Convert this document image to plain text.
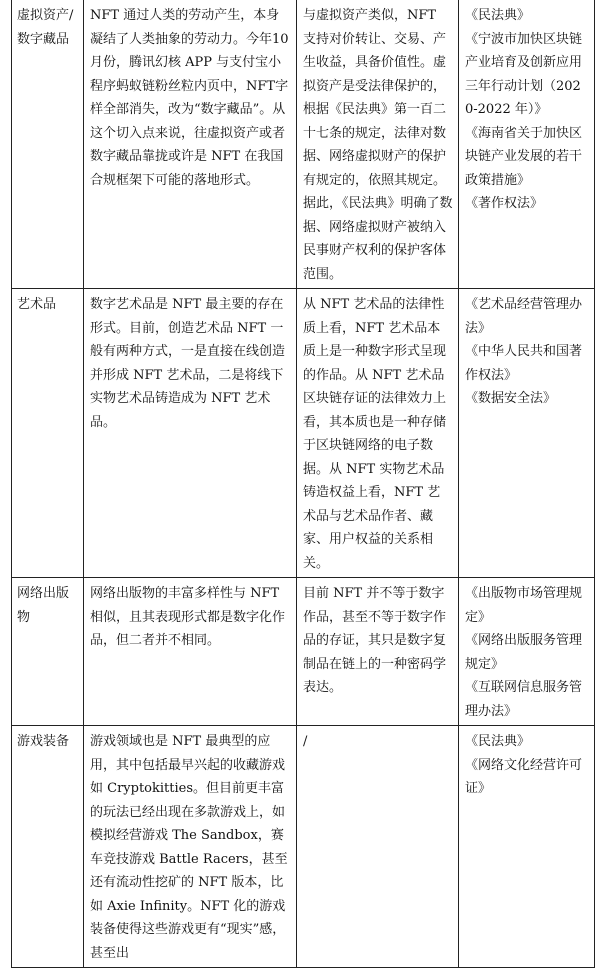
虚拟资产/数字藏品	NFT 通过人类的劳动产生，本身凝结了人类抽象的劳动力。今年10月份，腾讯幻核 APP 与支付宝小程序蚂蚁链粉丝粒内页中，NFT字样全部消失，改为“数字藏品”。从这个切入点来说，往虚拟资产或者数字藏品靠拢或许是 NFT 在我国合规框架下可能的落地形式。	与虚拟资产类似，NFT 支持对价转让、交易、产生收益，具备价值性。虚拟资产是受法律保护的，根据《民法典》第一百二十七条的规定，法律对数据、网络虚拟财产的保护有规定的，依照其规定。据此，《民法典》明确了数据、网络虚拟财产被纳入民事财产权利的保护客体范围。	《民法典》
《宁波市加快区块链产业培育及创新应用三年行动计划（2020-2022 年）》
《海南省关于加快区块链产业发展的若干政策措施》
《著作权法》

艺术品	数字艺术品是 NFT 最主要的存在形式。目前，创造艺术品 NFT 一般有两种方式，一是直接在线创造并形成 NFT 艺术品，二是将线下实物艺术品铸造成为 NFT 艺术品。	从 NFT 艺术品的法律性质上看，NFT 艺术品本质上是一种数字形式呈现的作品。从 NFT 艺术品区块链存证的法律效力上看，其本质也是一种存储于区块链网络的电子数据。从 NFT 实物艺术品铸造权益上看，NFT 艺术品与艺术品作者、藏家、用户权益的关系相关。	《艺术品经营管理办法》
《中华人民共和国著作权法》
《数据安全法》

网络出版物	网络出版物的丰富多样性与 NFT 相似，且其表现形式都是数字化作品，但二者并不相同。	目前 NFT 并不等于数字作品，甚至不等于数字作品的存证，其只是数字复制品在链上的一种密码学表达。	《出版物市场管理规定》
《网络出版服务管理规定》
《互联网信息服务管理办法》

游戏装备	游戏领域也是 NFT 最典型的应用，其中包括最早兴起的收藏游戏如 Cryptokitties。但目前更丰富的玩法已经出现在多款游戏上，如模拟经营游戏 The Sandbox，赛车竞技游戏 Battle Racers，甚至还有流动性挖矿的 NFT 版本，比如 Axie Infinity。NFT 化的游戏装备使得这些游戏更有“现实”感，甚至出	/	《民法典》
《网络文化经营许可证》
